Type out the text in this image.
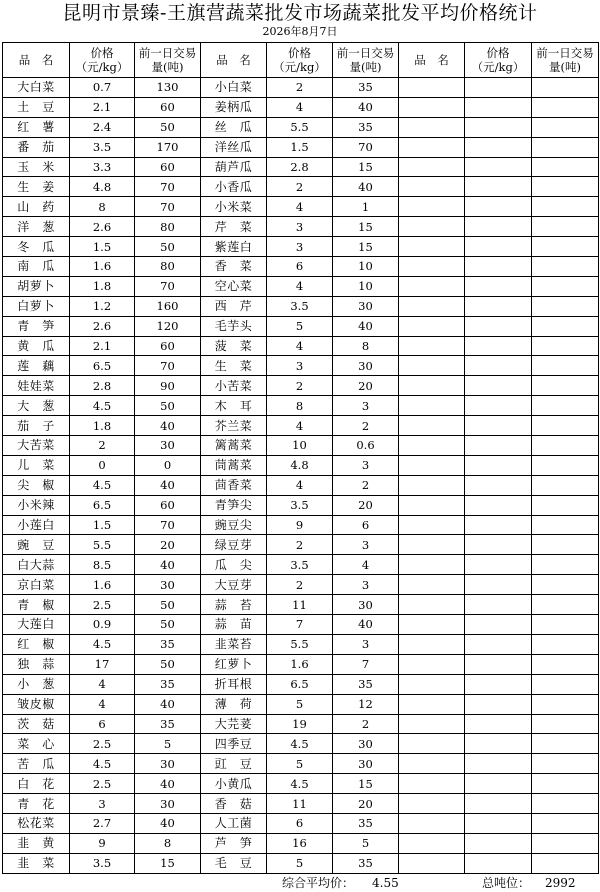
昆明市景臻-王旗营蔬菜批发市场蔬菜批发平均价格统计
2026年8月7日
品　名	价格（元/kg）	前一日交易量(吨)	品　名	价格（元/kg）	前一日交易量(吨)	品　名	价格（元/kg）	前一日交易量(吨)
大白菜	0.7	130	小白菜	2	35			
土　豆	2.1	60	姜柄瓜	4	40			
红　薯	2.4	50	丝　瓜	5.5	35			
番　茄	3.5	170	洋丝瓜	1.5	70			
玉　米	3.3	60	葫芦瓜	2.8	15			
生　姜	4.8	70	小香瓜	2	40			
山　药	8	70	小米菜	4	1			
洋　葱	2.6	80	芹　菜	3	15			
冬　瓜	1.5	50	紫莲白	3	15			
南　瓜	1.6	80	香　菜	6	10			
胡萝卜	1.8	70	空心菜	4	10			
白萝卜	1.2	160	西　芹	3.5	30			
青　笋	2.6	120	毛芋头	5	40			
黄　瓜	2.1	60	菠　菜	4	8			
莲　藕	6.5	70	生　菜	3	30			
娃娃菜	2.8	90	小苦菜	2	20			
大　葱	4.5	50	木　耳	8	3			
茄　子	1.8	40	芥兰菜	4	2			
大苦菜	2	30	篱蒿菜	10	0.6			
儿　菜	0	0	茼蒿菜	4.8	3			
尖　椒	4.5	40	茴香菜	4	2			
小米辣	6.5	60	青笋尖	3.5	20			
小莲白	1.5	70	豌豆尖	9	6			
豌　豆	5.5	20	绿豆芽	2	3			
白大蒜	8.5	40	瓜　尖	3.5	4			
京白菜	1.6	30	大豆芽	2	3			
青　椒	2.5	50	蒜　苔	11	30			
大莲白	0.9	50	蒜　苗	7	40			
红　椒	4.5	35	韭菜苔	5.5	3			
独　蒜	17	50	红萝卜	1.6	7			
小　葱	4	35	折耳根	6.5	35			
皱皮椒	4	40	薄　荷	5	12			
茨　菇	6	35	大芫荽	19	2			
菜　心	2.5	5	四季豆	4.5	30			
苦　瓜	4.5	30	豇　豆	5	30			
白　花	2.5	40	小黄瓜	4.5	15			
青　花	3	30	香　菇	11	20			
松花菜	2.7	40	人工菌	6	35			
韭　黄	9	8	芦　笋	16	5			
韭　菜	3.5	15	毛　豆	5	35			
综合平均价： 4.55	总吨位： 2992
